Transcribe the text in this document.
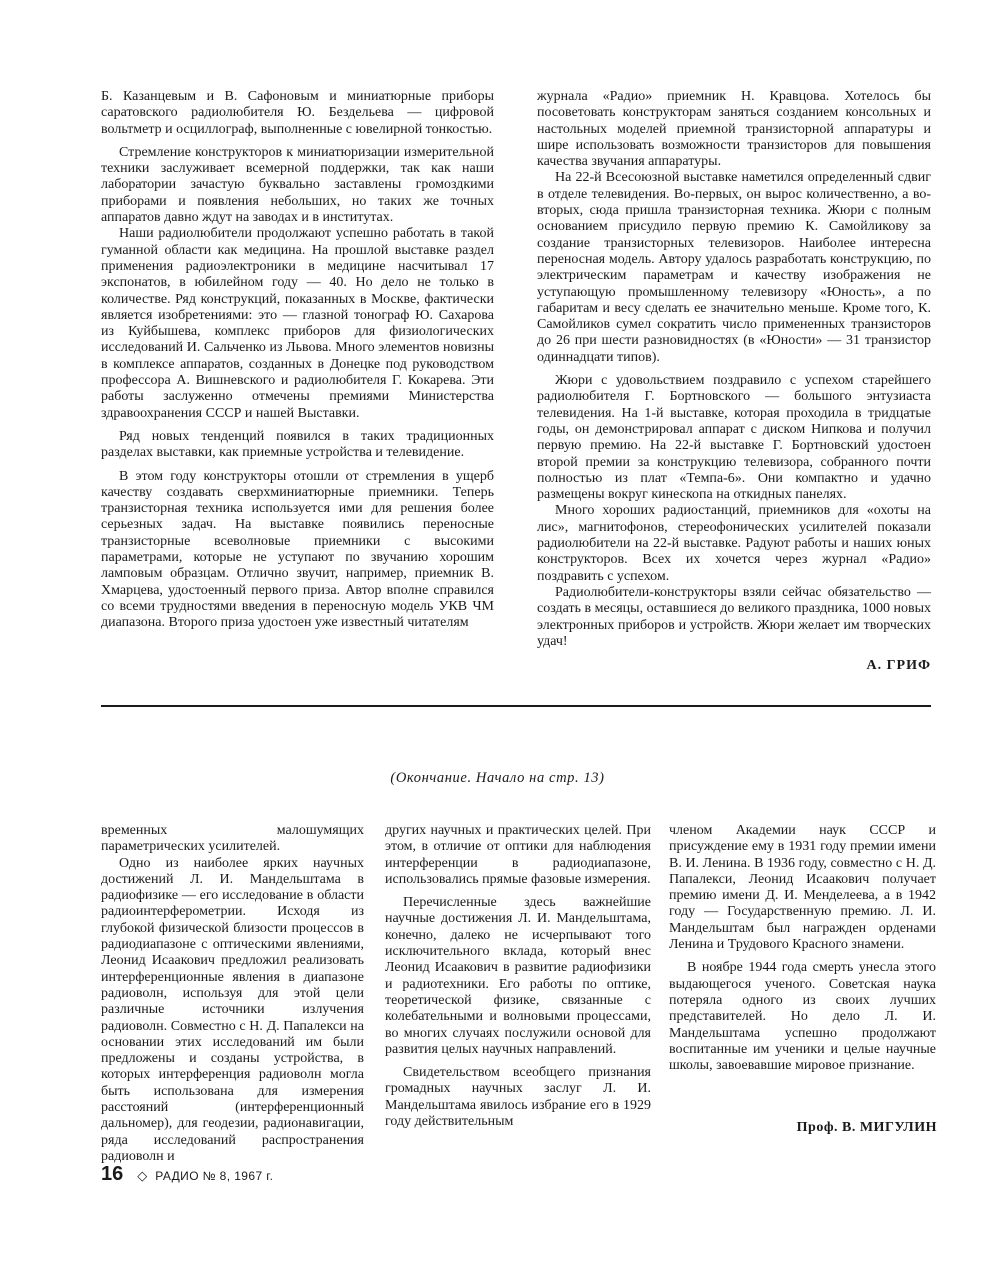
Б. Казанцевым и В. Сафоновым и миниатюрные приборы саратовского радиолюбителя Ю. Бездельева — цифровой вольтметр и осциллограф, выполненные с ювелирной тонкостью.

Стремление конструкторов к миниатюризации измерительной техники заслуживает всемерной поддержки, так как наши лаборатории зачастую буквально заставлены громоздкими приборами и появления небольших, но таких же точных аппаратов давно ждут на заводах и в институтах.

Наши радиолюбители продолжают успешно работать в такой гуманной области как медицина. На прошлой выставке раздел применения радиоэлектроники в медицине насчитывал 17 экспонатов, в юбилейном году — 40. Но дело не только в количестве. Ряд конструкций, показанных в Москве, фактически является изобретениями: это — глазной тонограф Ю. Сахарова из Куйбышева, комплекс приборов для физиологических исследований И. Сальченко из Львова. Много элементов новизны в комплексе аппаратов, созданных в Донецке под руководством профессора А. Вишневского и радиолюбителя Г. Кокарева. Эти работы заслуженно отмечены премиями Министерства здравоохранения СССР и нашей Выставки.

Ряд новых тенденций появился в таких традиционных разделах выставки, как приемные устройства и телевидение.

В этом году конструкторы отошли от стремления в ущерб качеству создавать сверхминиатюрные приемники. Теперь транзисторная техника используется ими для решения более серьезных задач. На выставке появились переносные транзисторные всеволновые приемники с высокими параметрами, которые не уступают по звучанию хорошим ламповым образцам. Отлично звучит, например, приемник В. Хмарцева, удостоенный первого приза. Автор вполне справился со всеми трудностями введения в переносную модель УКВ ЧМ диапазона. Второго приза удостоен уже известный читателям

журнала «Радио» приемник Н. Кравцова. Хотелось бы посоветовать конструкторам заняться созданием консольных и настольных моделей приемной транзисторной аппаратуры и шире использовать возможности транзисторов для повышения качества звучания аппаратуры.

На 22-й Всесоюзной выставке наметился определенный сдвиг в отделе телевидения. Во-первых, он вырос количественно, а во-вторых, сюда пришла транзисторная техника. Жюри с полным основанием присудило первую премию К. Самойликову за создание транзисторных телевизоров. Наиболее интересна переносная модель. Автору удалось разработать конструкцию, по электрическим параметрам и качеству изображения не уступающую промышленному телевизору «Юность», а по габаритам и весу сделать ее значительно меньше. Кроме того, К. Самойликов сумел сократить число примененных транзисторов до 26 при шести разновидностях (в «Юности» — 31 транзистор одиннадцати типов).

Жюри с удовольствием поздравило с успехом старейшего радиолюбителя Г. Бортновского — большого энтузиаста телевидения. На 1-й выставке, которая проходила в тридцатые годы, он демонстрировал аппарат с диском Нипкова и получил первую премию. На 22-й выставке Г. Бортновский удостоен второй премии за конструкцию телевизора, собранного почти полностью из плат «Темпа-6». Они компактно и удачно размещены вокруг кинескопа на откидных панелях.

Много хороших радиостанций, приемников для «охоты на лис», магнитофонов, стереофонических усилителей показали радиолюбители на 22-й выставке. Радуют работы и наших юных конструкторов. Всех их хочется через журнал «Радио» поздравить с успехом.

Радиолюбители-конструкторы взяли сейчас обязательство — создать в месяцы, оставшиеся до великого праздника, 1000 новых электронных приборов и устройств. Жюри желает им творческих удач!

А. ГРИФ
(Окончание. Начало на стр. 13)

временных малошумящих параметрических усилителей.

Одно из наиболее ярких научных достижений Л. И. Мандельштама в радиофизике — его исследование в области радиоинтерферометрии. Исходя из глубокой физической близости процессов в радиодиапазоне с оптическими явлениями, Леонид Исаакович предложил реализовать интерференционные явления в диапазоне радиоволн, используя для этой цели различные источники излучения радиоволн. Совместно с Н. Д. Папалекси на основании этих исследований им были предложены и созданы устройства, в которых интерференция радиоволн могла быть использована для измерения расстояний (интерференционный дальномер), для геодезии, радионавигации, ряда исследований распространения радиоволн и

других научных и практических целей. При этом, в отличие от оптики для наблюдения интерференции в радиодиапазоне, использовались прямые фазовые измерения.

Перечисленные здесь важнейшие научные достижения Л. И. Мандельштама, конечно, далеко не исчерпывают того исключительного вклада, который внес Леонид Исаакович в развитие радиофизики и радиотехники. Его работы по оптике, теоретической физике, связанные с колебательными и волновыми процессами, во многих случаях послужили основой для развития целых научных направлений.

Свидетельством всеобщего признания громадных научных заслуг Л. И. Мандельштама явилось избрание его в 1929 году действительным

членом Академии наук СССР и присуждение ему в 1931 году премии имени В. И. Ленина. В 1936 году, совместно с Н. Д. Папалекси, Леонид Исаакович получает премию имени Д. И. Менделеева, а в 1942 году — Государственную премию. Л. И. Мандельштам был награжден орденами Ленина и Трудового Красного знамени.

В ноябре 1944 года смерть унесла этого выдающегося ученого. Советская наука потеряла одного из своих лучших представителей. Но дело Л. И. Мандельштама успешно продолжают воспитанные им ученики и целые научные школы, завоевавшие мировое признание.

Проф. В. МИГУЛИН
16 ◇ РАДИО № 8, 1967 г.
